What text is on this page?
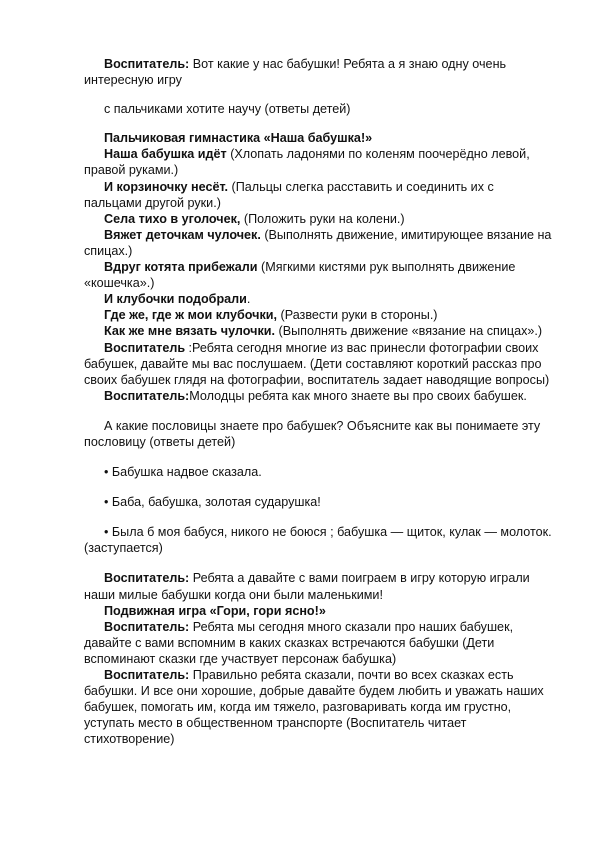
Воспитатель: Вот какие у нас бабушки! Ребята а я знаю одну очень интересную игру

с пальчиками хотите научу (ответы детей)

Пальчиковая гимнастика «Наша бабушка!»

Наша бабушка идёт (Хлопать ладонями по коленям поочерёдно левой, правой руками.)

И корзиночку несёт. (Пальцы слегка расставить и соединить их с пальцами другой руки.)

Села тихо в уголочек, (Положить руки на колени.)

Вяжет деточкам чулочек. (Выполнять движение, имитирующее вязание на спицах.)

Вдруг котята прибежали (Мягкими кистями рук выполнять движение «кошечка».)

И клубочки подобрали.

Где же, где ж мои клубочки, (Развести руки в стороны.)

Как же мне вязать чулочки. (Выполнять движение «вязание на спицах».)

Воспитатель :Ребята сегодня многие из вас принесли фотографии своих бабушек, давайте мы вас послушаем. (Дети составляют короткий рассказ про своих бабушек глядя на фотографии, воспитатель задает наводящие вопросы)

Воспитатель:Молодцы ребята как много знаете вы про своих бабушек.

А какие пословицы знаете про бабушек? Объясните как вы понимаете эту пословицу (ответы детей)

• Бабушка надвое сказала.

• Баба, бабушка, золотая сударушка!

• Была б моя бабуся, никого не боюся ; бабушка — щиток, кулак — молоток. (заступается)

Воспитатель: Ребята а давайте с вами поиграем в игру которую играли наши милые бабушки когда они были маленькими!

Подвижная игра «Гори, гори ясно!»

Воспитатель: Ребята мы сегодня много сказали про наших бабушек, давайте с вами вспомним в каких сказках встречаются бабушки (Дети вспоминают сказки где участвует персонаж бабушка)

Воспитатель: Правильно ребята сказали, почти во всех сказках есть бабушки. И все они хорошие, добрые давайте будем любить и уважать наших бабушек, помогать им, когда им тяжело, разговаривать когда им грустно, уступать место в общественном транспорте (Воспитатель читает стихотворение)
